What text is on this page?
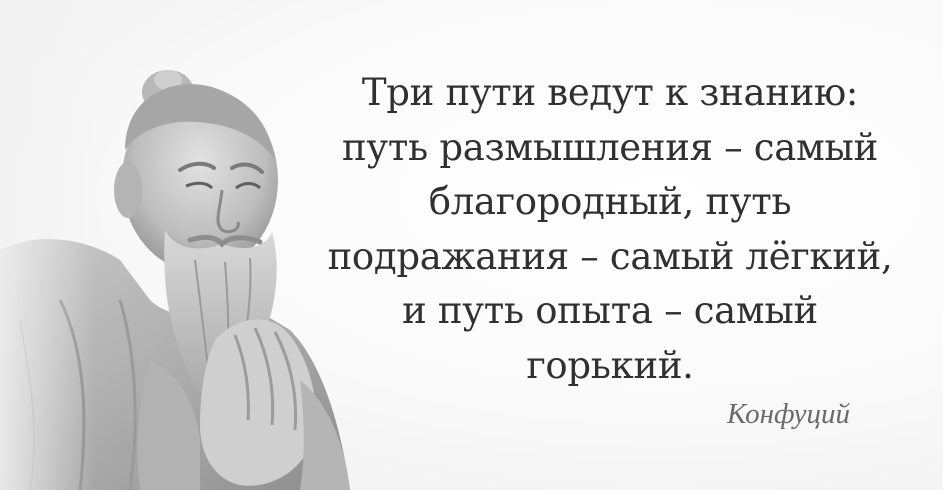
Три пути ведут к знанию:
путь размышления – самый
благородный, путь
подражания – самый лёгкий,
и путь опыта – самый
горький.
Конфуций
